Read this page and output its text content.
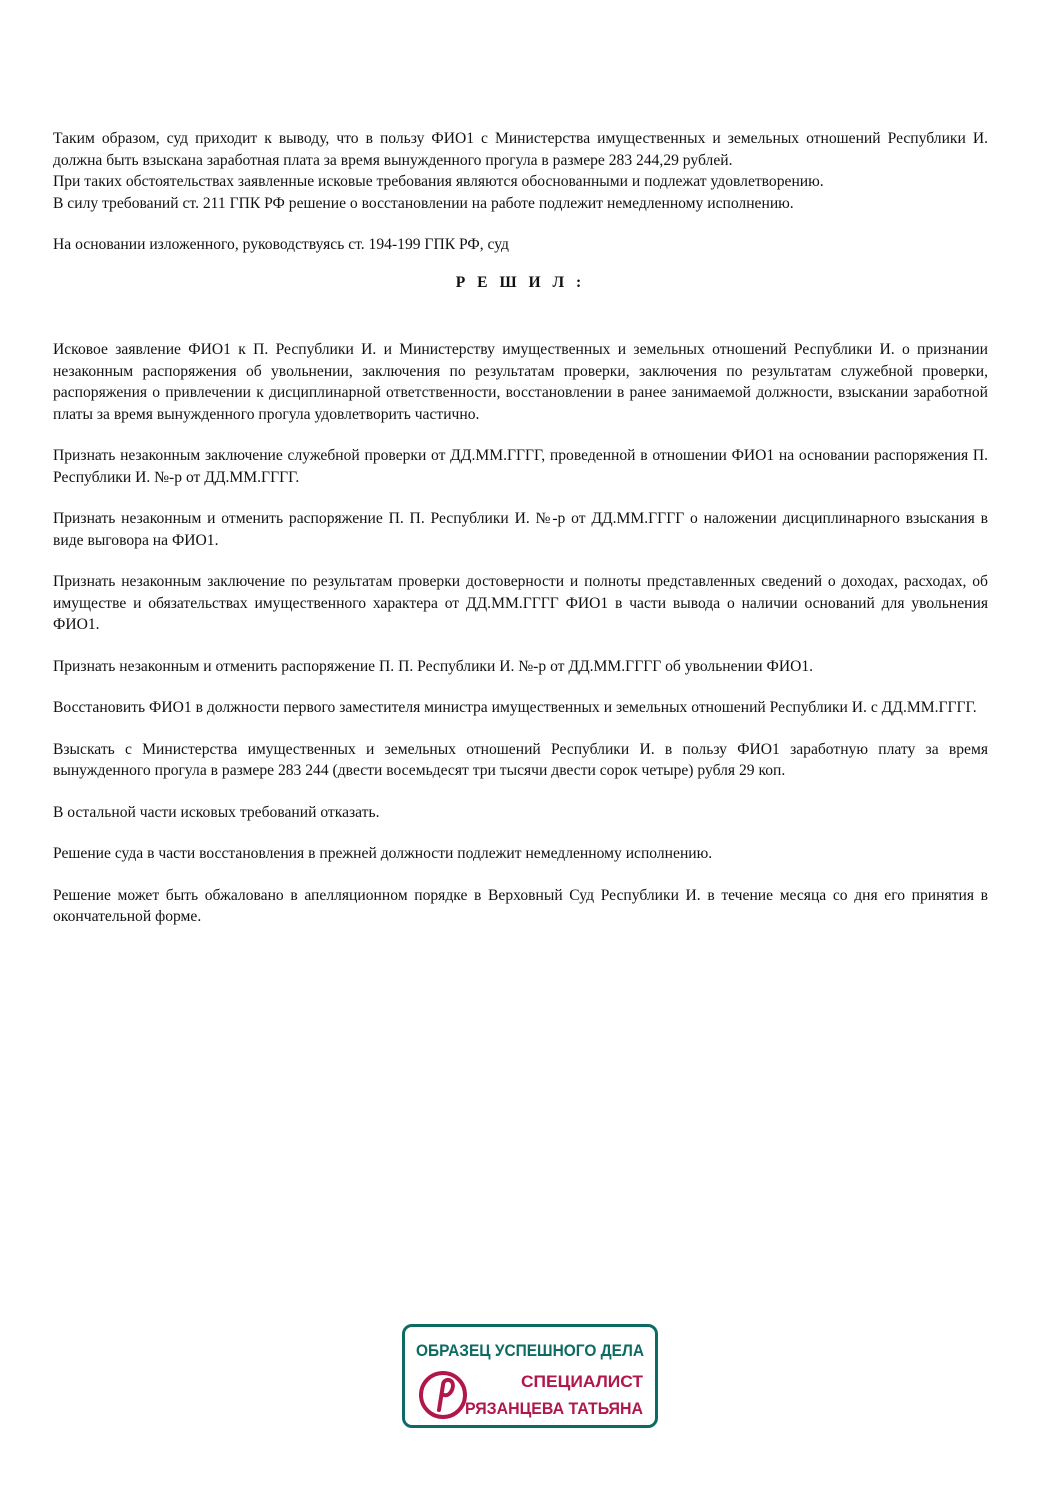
Таким образом, суд приходит к выводу, что в пользу ФИО1 с Министерства имущественных и земельных отношений Республики И. должна быть взыскана заработная плата за время вынужденного прогула в размере 283 244,29 рублей.

При таких обстоятельствах заявленные исковые требования являются обоснованными и подлежат удовлетворению.

В силу требований ст. 211 ГПК РФ решение о восстановлении на работе подлежит немедленному исполнению.

На основании изложенного, руководствуясь ст. 194-199 ГПК РФ, суд

Р Е Ш И Л :

Исковое заявление ФИО1 к П. Республики И. и Министерству имущественных и земельных отношений Республики И. о признании незаконным распоряжения об увольнении, заключения по результатам проверки, заключения по результатам служебной проверки, распоряжения о привлечении к дисциплинарной ответственности, восстановлении в ранее занимаемой должности, взыскании заработной платы за время вынужденного прогула удовлетворить частично.

Признать незаконным заключение служебной проверки от ДД.ММ.ГГГГ, проведенной в отношении ФИО1 на основании распоряжения П. Республики И. №-р от ДД.ММ.ГГГГ.

Признать незаконным и отменить распоряжение П. П. Республики И. №-р от ДД.ММ.ГГГГ о наложении дисциплинарного взыскания в виде выговора на ФИО1.

Признать незаконным заключение по результатам проверки достоверности и полноты представленных сведений о доходах, расходах, об имуществе и обязательствах имущественного характера от ДД.ММ.ГГГГ ФИО1 в части вывода о наличии оснований для увольнения ФИО1.

Признать незаконным и отменить распоряжение П. П. Республики И. №-р от ДД.ММ.ГГГГ об увольнении ФИО1.

Восстановить ФИО1 в должности первого заместителя министра имущественных и земельных отношений Республики И. с ДД.ММ.ГГГГ.

Взыскать с Министерства имущественных и земельных отношений Республики И. в пользу ФИО1 заработную плату за время вынужденного прогула в размере 283 244 (двести восемьдесят три тысячи двести сорок четыре) рубля 29 коп.

В остальной части исковых требований отказать.

Решение суда в части восстановления в прежней должности подлежит немедленному исполнению.

Решение может быть обжаловано в апелляционном порядке в Верховный Суд Республики И. в течение месяца со дня его принятия в окончательной форме.

ОБРАЗЕЦ УСПЕШНОГО ДЕЛА
СПЕЦИАЛИСТ
РЯЗАНЦЕВА ТАТЬЯНА
